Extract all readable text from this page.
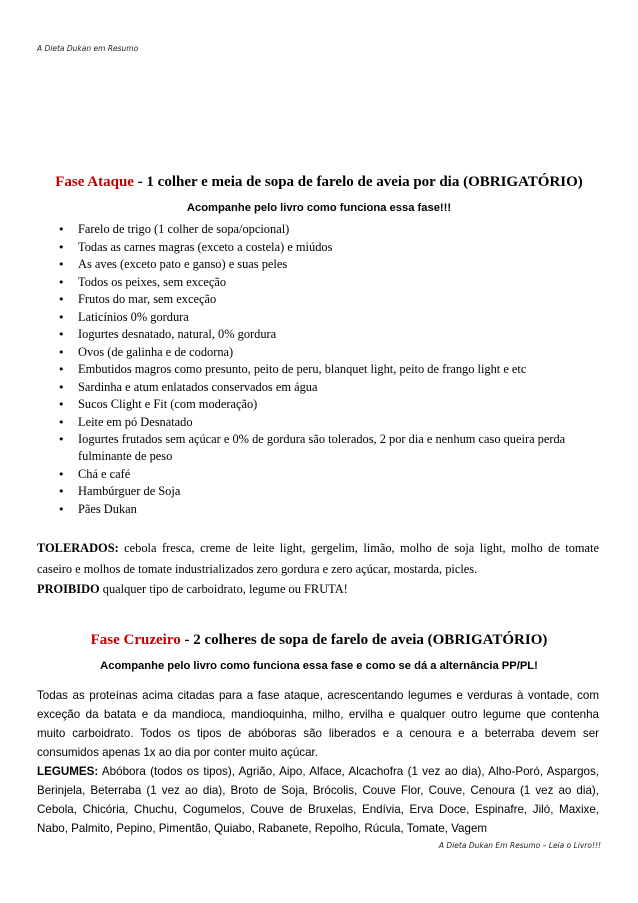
A Dieta Dukan em Resumo
Fase Ataque - 1 colher e meia de sopa de farelo de aveia por dia (OBRIGATÓRIO)
Acompanhe pelo livro como funciona essa fase!!!
• Farelo de trigo (1 colher de sopa/opcional)
• Todas as carnes magras (exceto a costela) e miúdos
• As aves (exceto pato e ganso) e suas peles
• Todos os peixes, sem exceção
• Frutos do mar, sem exceção
• Laticínios 0% gordura
• Iogurtes desnatado, natural, 0% gordura
• Ovos (de galinha e de codorna)
• Embutidos magros como presunto, peito de peru, blanquet light, peito de frango light e etc
• Sardinha e atum enlatados conservados em água
• Sucos Clight e Fit (com moderação)
• Leite em pó Desnatado
• Iogurtes frutados sem açúcar e 0% de gordura são tolerados, 2 por dia e nenhum caso queira perda fulminante de peso
• Chá e café
• Hambúrguer de Soja
• Pães Dukan
TOLERADOS: cebola fresca, creme de leite light, gergelim, limão, molho de soja light, molho de tomate caseiro e molhos de tomate industrializados zero gordura e zero açúcar, mostarda, picles.
PROIBIDO qualquer tipo de carboidrato, legume ou FRUTA!
Fase Cruzeiro - 2 colheres de sopa de farelo de aveia (OBRIGATÓRIO)
Acompanhe pelo livro como funciona essa fase e como se dá a alternância PP/PL!
Todas as proteínas acima citadas para a fase ataque, acrescentando legumes e verduras à vontade, com exceção da batata e da mandioca, mandioquinha, milho, ervilha e qualquer outro legume que contenha muito carboidrato. Todos os tipos de abóboras são liberados e a cenoura e a beterraba devem ser consumidos apenas 1x ao dia por conter muito açúcar.
LEGUMES: Abóbora (todos os tipos), Agrião, Aipo, Alface, Alcachofra (1 vez ao dia), Alho-Poró, Aspargos, Berinjela, Beterraba (1 vez ao dia), Broto de Soja, Brócolis, Couve Flor, Couve, Cenoura (1 vez ao dia), Cebola, Chicória, Chuchu, Cogumelos, Couve de Bruxelas, Endívia, Erva Doce, Espinafre, Jiló, Maxixe, Nabo, Palmito, Pepino, Pimentão, Quiabo, Rabanete, Repolho, Rúcula, Tomate, Vagem
A Dieta Dukan Em Resumo – Leia o Livro!!!
